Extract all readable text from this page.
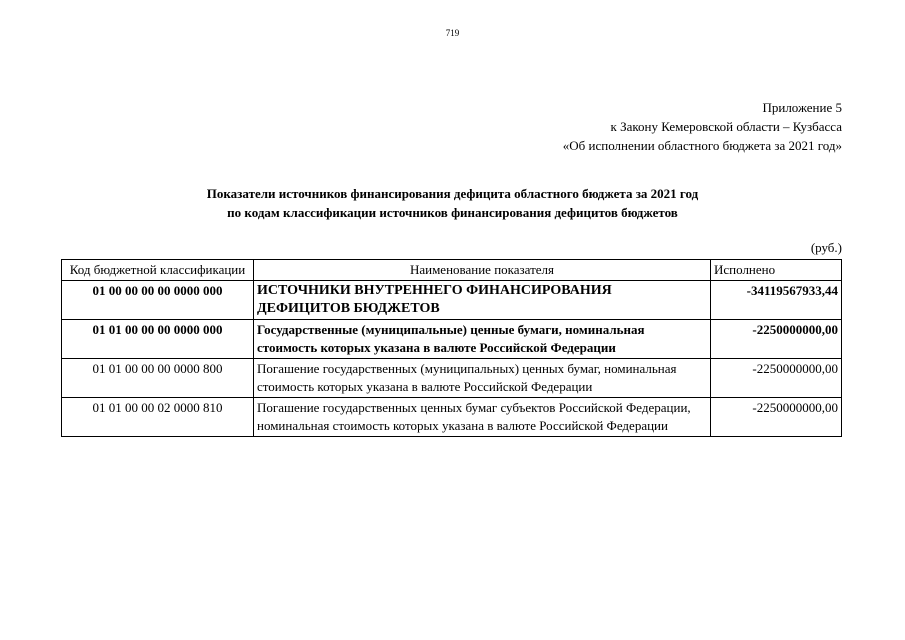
719
Приложение 5
к Закону Кемеровской области – Кузбасса
«Об исполнении областного бюджета за 2021 год»
Показатели источников финансирования дефицита областного бюджета за 2021 год
по кодам классификации источников финансирования дефицитов бюджетов
(руб.)
Код бюджетной классификации	Наименование показателя	Исполнено
01 00 00 00 00 0000 000	ИСТОЧНИКИ ВНУТРЕННЕГО ФИНАНСИРОВАНИЯ ДЕФИЦИТОВ БЮДЖЕТОВ	-34119567933,44
01 01 00 00 00 0000 000	Государственные (муниципальные) ценные бумаги, номинальная стоимость которых указана в валюте Российской Федерации	-2250000000,00
01 01 00 00 00 0000 800	Погашение государственных (муниципальных) ценных бумаг, номинальная стоимость которых указана в валюте Российской Федерации	-2250000000,00
01 01 00 00 02 0000 810	Погашение государственных ценных бумаг субъектов Российской Федерации, номинальная стоимость которых указана в валюте Российской Федерации	-2250000000,00
